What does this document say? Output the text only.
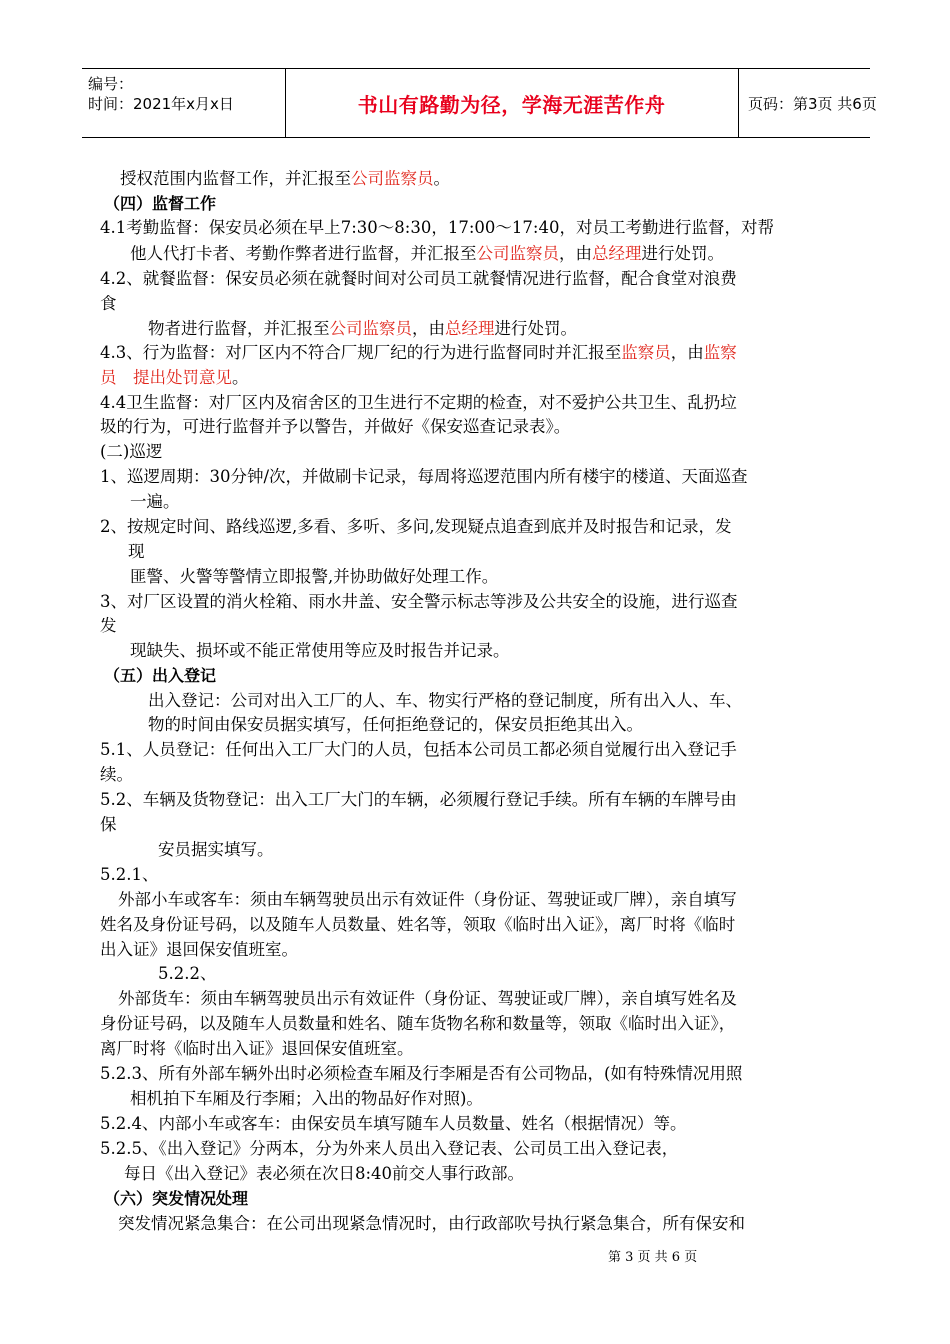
编号：
时间：2021年x月x日	书山有路勤为径，学海无涯苦作舟	页码：第3页 共6页
授权范围内监督工作，并汇报至公司监察员。
（四）监督工作
4.1考勤监督：保安员必须在早上7:30～8:30，17:00～17:40，对员工考勤进行监督，对帮
他人代打卡者、考勤作弊者进行监督，并汇报至公司监察员，由总经理进行处罚。
4.2、就餐监督：保安员必须在就餐时间对公司员工就餐情况进行监督，配合食堂对浪费
食
物者进行监督，并汇报至公司监察员，由总经理进行处罚。
4.3、行为监督：对厂区内不符合厂规厂纪的行为进行监督同时并汇报至监察员，由监察
员　提出处罚意见。
4.4卫生监督：对厂区内及宿舍区的卫生进行不定期的检查，对不爱护公共卫生、乱扔垃
圾的行为，可进行监督并予以警告，并做好《保安巡查记录表》。
(二)巡逻
1、巡逻周期：30分钟/次，并做刷卡记录，每周将巡逻范围内所有楼宇的楼道、天面巡查
一遍。
2、按规定时间、路线巡逻,多看、多听、多问,发现疑点追查到底并及时报告和记录，发
现
匪警、火警等警情立即报警,并协助做好处理工作。
3、对厂区设置的消火栓箱、雨水井盖、安全警示标志等涉及公共安全的设施，进行巡查
发
现缺失、损坏或不能正常使用等应及时报告并记录。
（五）出入登记
出入登记：公司对出入工厂的人、车、物实行严格的登记制度，所有出入人、车、
物的时间由保安员据实填写，任何拒绝登记的，保安员拒绝其出入。
5.1、人员登记：任何出入工厂大门的人员，包括本公司员工都必须自觉履行出入登记手
续。
5.2、车辆及货物登记：出入工厂大门的车辆，必须履行登记手续。所有车辆的车牌号由
保
安员据实填写。
5.2.1、
外部小车或客车：须由车辆驾驶员出示有效证件（身份证、驾驶证或厂牌），亲自填写
姓名及身份证号码，以及随车人员数量、姓名等，领取《临时出入证》，离厂时将《临时
出入证》退回保安值班室。
5.2.2、
外部货车：须由车辆驾驶员出示有效证件（身份证、驾驶证或厂牌），亲自填写姓名及
身份证号码，以及随车人员数量和姓名、随车货物名称和数量等，领取《临时出入证》，
离厂时将《临时出入证》退回保安值班室。
5.2.3、所有外部车辆外出时必须检查车厢及行李厢是否有公司物品，(如有特殊情况用照
相机拍下车厢及行李厢；入出的物品好作对照)。
5.2.4、内部小车或客车：由保安员车填写随车人员数量、姓名（根据情况）等。
5.2.5、《出入登记》分两本，分为外来人员出入登记表、公司员工出入登记表，
每日《出入登记》表必须在次日8:40前交人事行政部。
（六）突发情况处理
突发情况紧急集合：在公司出现紧急情况时，由行政部吹号执行紧急集合，所有保安和
第 3 页 共 6 页
